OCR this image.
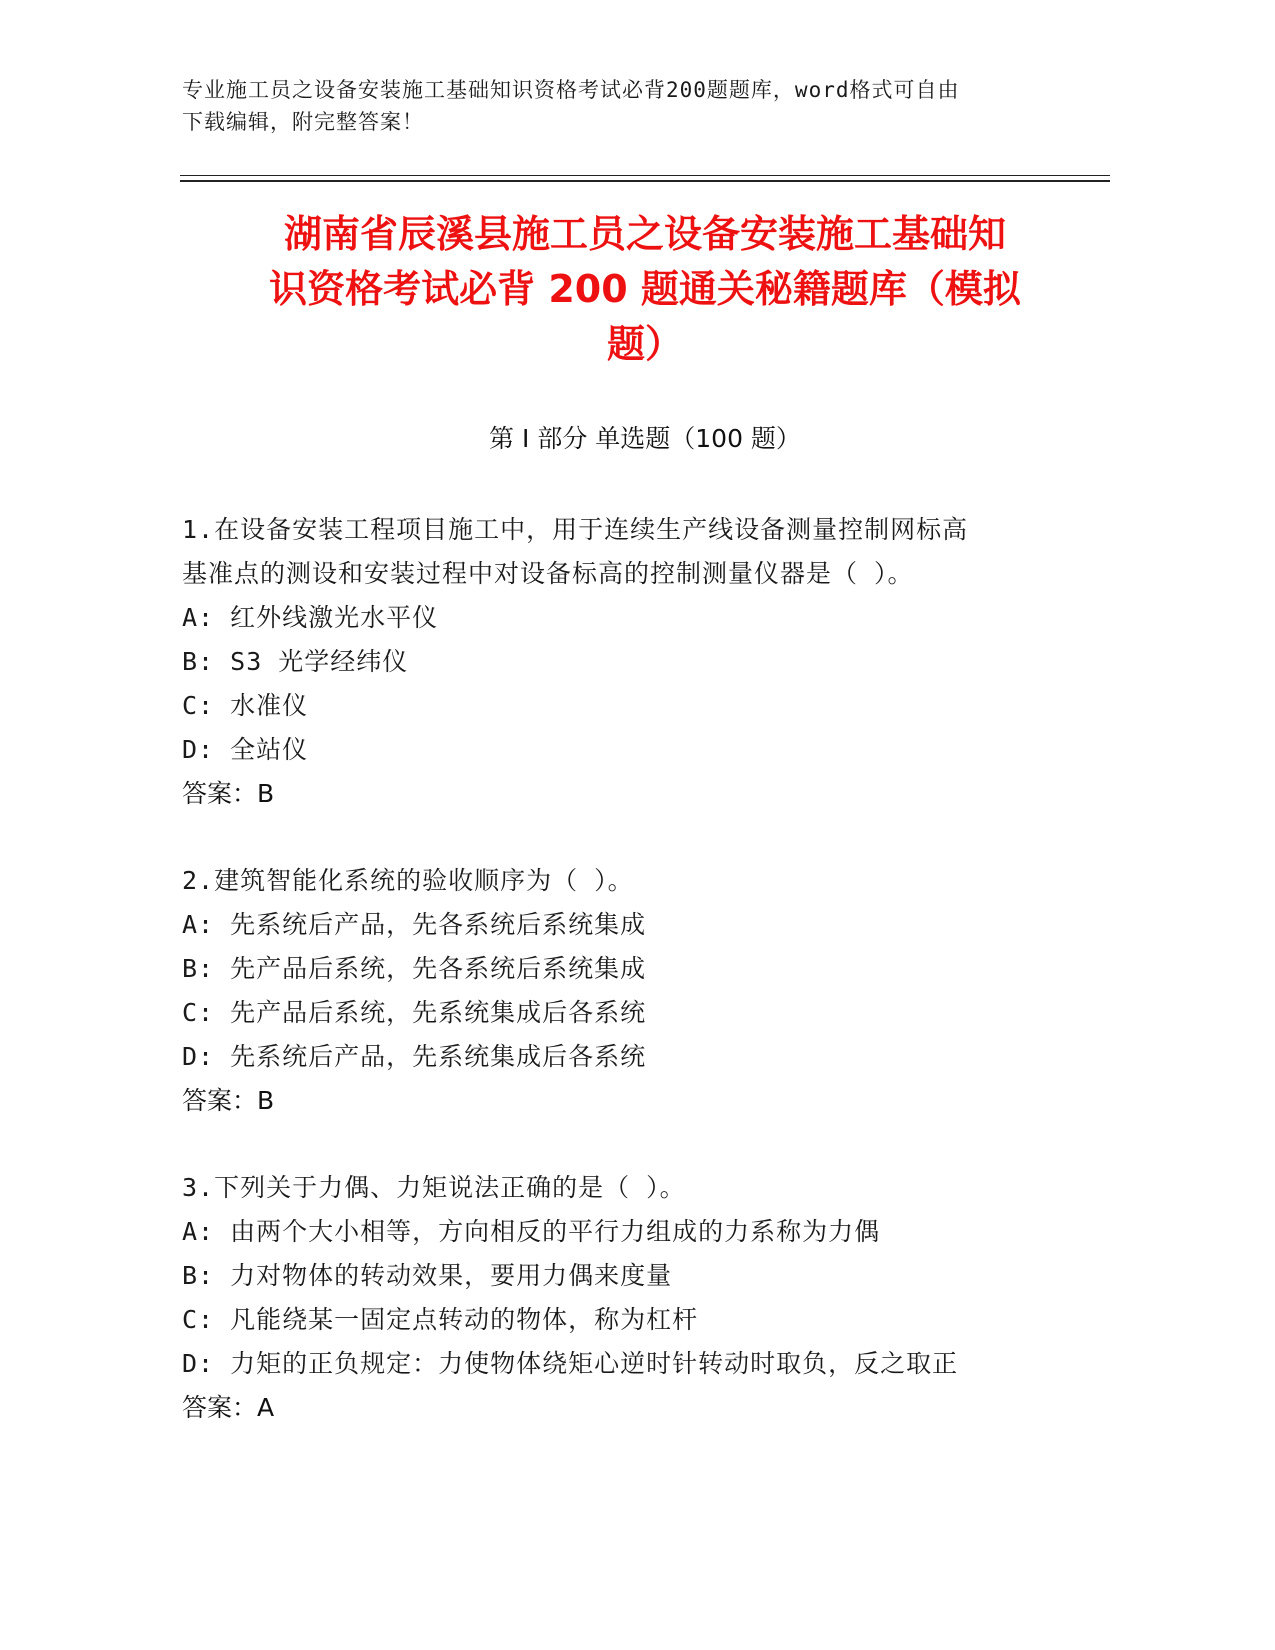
专业施工员之设备安装施工基础知识资格考试必背200题题库，word格式可自由
下载编辑，附完整答案！
湖南省辰溪县施工员之设备安装施工基础知
识资格考试必背 200 题通关秘籍题库（模拟
题）
第 I 部分 单选题（100 题）
1.在设备安装工程项目施工中，用于连续生产线设备测量控制网标高
基准点的测设和安装过程中对设备标高的控制测量仪器是（ ）。
A: 红外线激光水平仪
B: S3 光学经纬仪
C: 水准仪
D: 全站仪
答案：B
2.建筑智能化系统的验收顺序为（ ）。
A: 先系统后产品，先各系统后系统集成
B: 先产品后系统，先各系统后系统集成
C: 先产品后系统，先系统集成后各系统
D: 先系统后产品，先系统集成后各系统
答案：B
3.下列关于力偶、力矩说法正确的是（ ）。
A: 由两个大小相等，方向相反的平行力组成的力系称为力偶
B: 力对物体的转动效果，要用力偶来度量
C: 凡能绕某一固定点转动的物体，称为杠杆
D: 力矩的正负规定：力使物体绕矩心逆时针转动时取负，反之取正
答案：A
